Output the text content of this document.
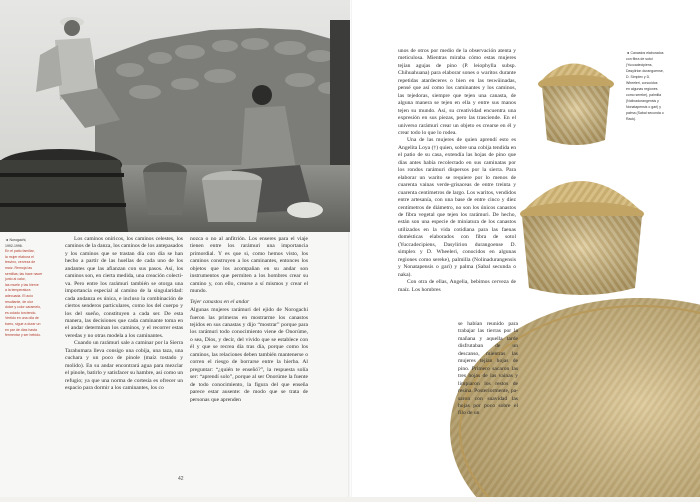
◄ Norogachi,
1992-1996.
En el patio familiar,
la mujer elabora el
tesvino, cerveza de
maíz. Remoja las
semillas; las hace nacer
junto al calor,
las muele y las hierve
a la temperatura
adecuada. El acío
resultante, de olor
dulce y color caramelo,
es colado torciendo.
Vertido en una olla de
barro, sigue a durar un
en par de días hasta
fermentar y ser bebido.

Los caminos oníricos, los caminos celestes, los caminos de la danza, los caminos de los antepasados y los caminos que se trastan día con día se han hecho a partir de las huellas de cada uno de los andantes que las afianzan con sus pasos. Así, los caminos son, en cierta medida, una creación colectiva. Pero entre los rarámuri también se otorga una importancia especial al camino de la singularidad: cada andanza es única, e incluso la combinación de ciertos senderos particulares, como los del cuerpo y los del sueño, constituyen a cada ser. De esta manera, las decisiones que cada caminante toma en el andar determinan los caminos, y el recorrer estas veredas y no otras modela a los caminantes.

Cuando un rarámuri sale a caminar por la Sierra Tarahumara lleva consigo una cobija, una taza, una cuchara y un poco de pinole (maíz tostado y molido). En su andar encontrará agua para mezclar el pinole, batirlo y satisfacer su hambre, así como un refugio; ya que una norma de cortesía es ofrecer un espacio para dormir a los caminantes, los co

nozca o no al anfitrión. Los enseres para el viaje tienen entre los rarámuri una importancia primordial. Y es que si, como hemos visto, los caminos construyen a los caminantes, entonces los objetos que los acompañan en su andar son instrumentos que permiten a los hombres crear su camino y, con ello, crearse a sí mismos y crear el mundo.

Tejer canastos en el andar

Algunas mujeres rarámuri del ejido de Norogachi fueron las primeras en mostrarme los canastos tejidos en sus canastas y dijo “mostrar” porque para los rarámuri todo conocimiento viene de Onorúme, o sea, Dios, y decir, del vivido que se establece con él y que se recrea día tras día, porque como los caminos, las relaciones deben también mantenerse o corren el riesgo de borrarse entre la hierba. Al preguntar: “¿quién te enseñó?”, la respuesta solía ser: “aprendí solo”, porque al ser Onorúme la fuente de todo conocimiento, la figura del que enseña parece estar ausente: de modo que se trata de personas que aprenden

42

unos de otros por medio de la observación atenta y meticulosa. Mientras miraba cómo estas mujeres tejían agujas de pino (P. leiophylla subsp. Chihuahuana) para elaborar sones o waritos durante repetidas atardeceres o bien en las teswüinadas, pensé que así como los caminantes y los caminos, las tejedoras, siempre que tejen una canasta, de alguna manera se tejen en ella y entre sus manos tejen su mundo. Así, su creatividad encuentra una expresión en sus piezas, pero las trasciende. En el universo rarámuri crear un objeto es crearse en él y crear todo lo que lo rodea.

Una de las mujeres de quien aprendí esto es Angelita Loya (†) quien, sobre una cobija tendida en el patio de su casa, extendía las hojas de pino que días antes había recolectado en sus caminatas por los rondos rarámuri dispersos por la sierra. Para elaborar un warito se requiere por lo menos de cuarenta vainas verde-grisaceas de entre treinta y cuarenta centímetros de largo. Los waritos, vendidos entre artesanía, con una base de entre cinco y diez centímetros de diámetro, no son los únicos canastos de fibra vegetal que tejen los rarámuri. De hecho, están son una especie de miniatura de los canastos utilizados en la vida cotidiana para las faenas domésticas elaborados con fibra de sotol (Yuccadecipiens, Dasylirion durangoense D. simplex y D. Wheeleri, conocidos en algunas regiones como sereke), palmilla (Nolinadurangensis y Nonatapensis o gari) y palma (Sabal secunda o naka).

Con otra de ellas, Angelia, bebimos cerveza de maíz. Los hombres

se habían reunido para trabajar las tierras por la mañana y aquella tarde disfrutaban de un descanso, mientras las mujeres tejían hojas de pino. Primero sacaron las tres hojas de las vainas y limpiaron los restos de resina. Posteriormente, pasaron con suavidad las hojas por poco sobre el filo de un

◄ Canastos elaborados
con fibra de sotol
(Yuccadecipiens,
Dasylirion durangoense,
D. Simplex y D.
Wheeleri, conocidos
en algunas regiones
como sereke), palmilla
(Nolinadurangensis y
Nonatapensis o gari) y
palma (Sabal secunda o
Rack).
